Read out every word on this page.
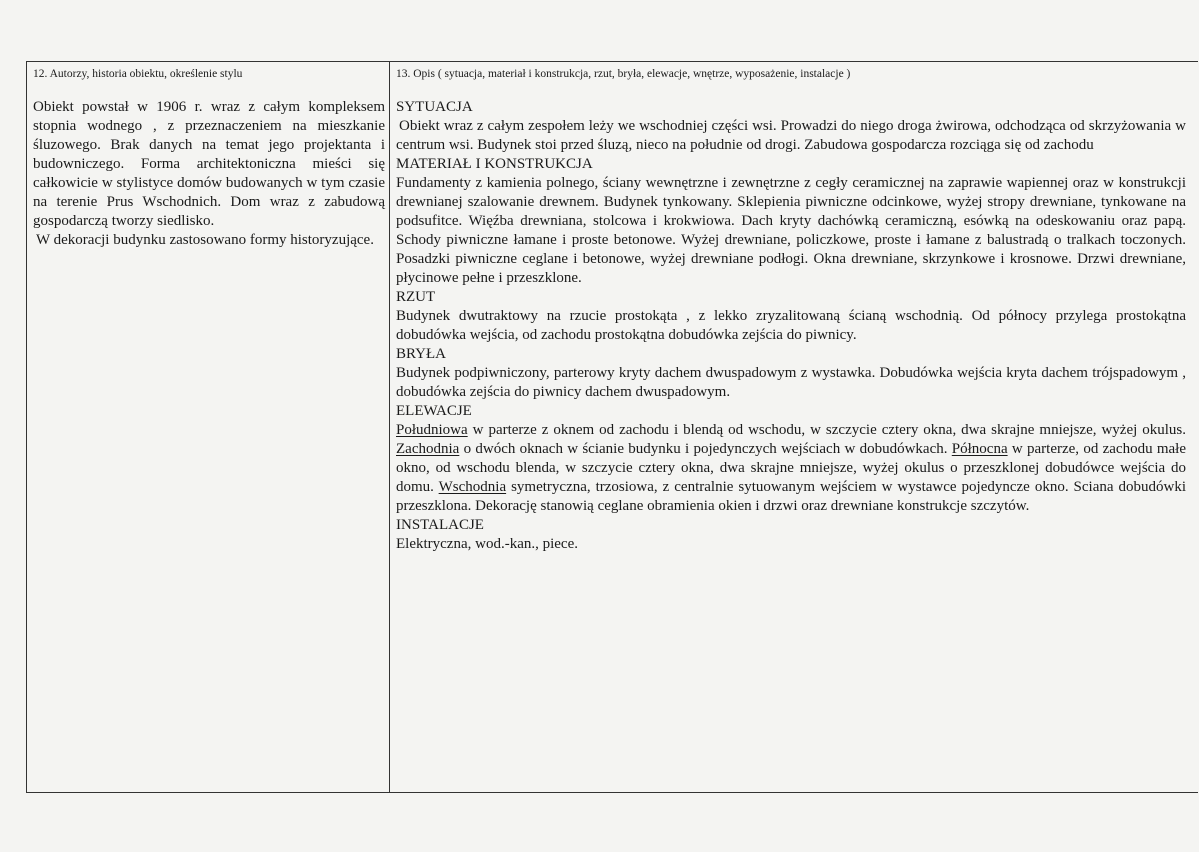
12. Autorzy, historia obiektu, określenie stylu

Obiekt powstał w 1906 r. wraz z całym kompleksem stopnia wodnego , z przeznaczeniem na mieszkanie śluzowego. Brak danych na temat jego projektanta i budowniczego. Forma architektoniczna mieści się całkowicie w stylistyce domów budowanych w tym czasie na terenie Prus Wschodnich. Dom wraz z zabudową gospodarczą tworzy siedlisko.

W dekoracji budynku zastosowano formy historyzujące.

13. Opis ( sytuacja, materiał i konstrukcja, rzut, bryła, elewacje, wnętrze, wyposażenie, instalacje )

SYTUACJA

Obiekt wraz z całym zespołem leży we wschodniej części wsi. Prowadzi do niego droga żwirowa, odchodząca od skrzyżowania w centrum wsi. Budynek stoi przed śluzą, nieco na południe od drogi. Zabudowa gospodarcza rozciąga się od zachodu

MATERIAŁ I KONSTRUKCJA

Fundamenty z kamienia polnego, ściany wewnętrzne i zewnętrzne z cegły ceramicznej na zaprawie wapiennej oraz w konstrukcji drewnianej szalowanie drewnem. Budynek tynkowany. Sklepienia piwniczne odcinkowe, wyżej stropy drewniane, tynkowane na podsufitce. Więźba drewniana, stolcowa i krokwiowa. Dach kryty dachówką ceramiczną, esówką na odeskowaniu oraz papą. Schody piwniczne łamane i proste betonowe. Wyżej drewniane, policzkowe, proste i łamane z balustradą o tralkach toczonych. Posadzki piwniczne ceglane i betonowe, wyżej drewniane podłogi. Okna drewniane, skrzynkowe i krosnowe. Drzwi drewniane, płycinowe pełne i przeszklone.

RZUT

Budynek dwutraktowy na rzucie prostokąta , z lekko zryzalitowaną ścianą wschodnią. Od północy przylega prostokątna dobudówka wejścia, od zachodu prostokątna dobudówka zejścia do piwnicy.

BRYŁA

Budynek podpiwniczony, parterowy kryty dachem dwuspadowym z wystawka. Dobudówka wejścia kryta dachem trójspadowym , dobudówka zejścia do piwnicy dachem dwuspadowym.

ELEWACJE

Południowa w parterze z oknem od zachodu i blendą od wschodu, w szczycie cztery okna, dwa skrajne mniejsze, wyżej okulus. Zachodnia o dwóch oknach w ścianie budynku i pojedynczych wejściach w dobudówkach. Północna w parterze, od zachodu małe okno, od wschodu blenda, w szczycie cztery okna, dwa skrajne mniejsze, wyżej okulus o przeszklonej dobudówce wejścia do domu. Wschodnia symetryczna, trzosiowa, z centralnie sytuowanym wejściem w wystawce pojedyncze okno. Sciana dobudówki przeszklona. Dekorację stanowią ceglane obramienia okien i drzwi oraz drewniane konstrukcje szczytów.

INSTALACJE

Elektryczna, wod.-kan., piece.
